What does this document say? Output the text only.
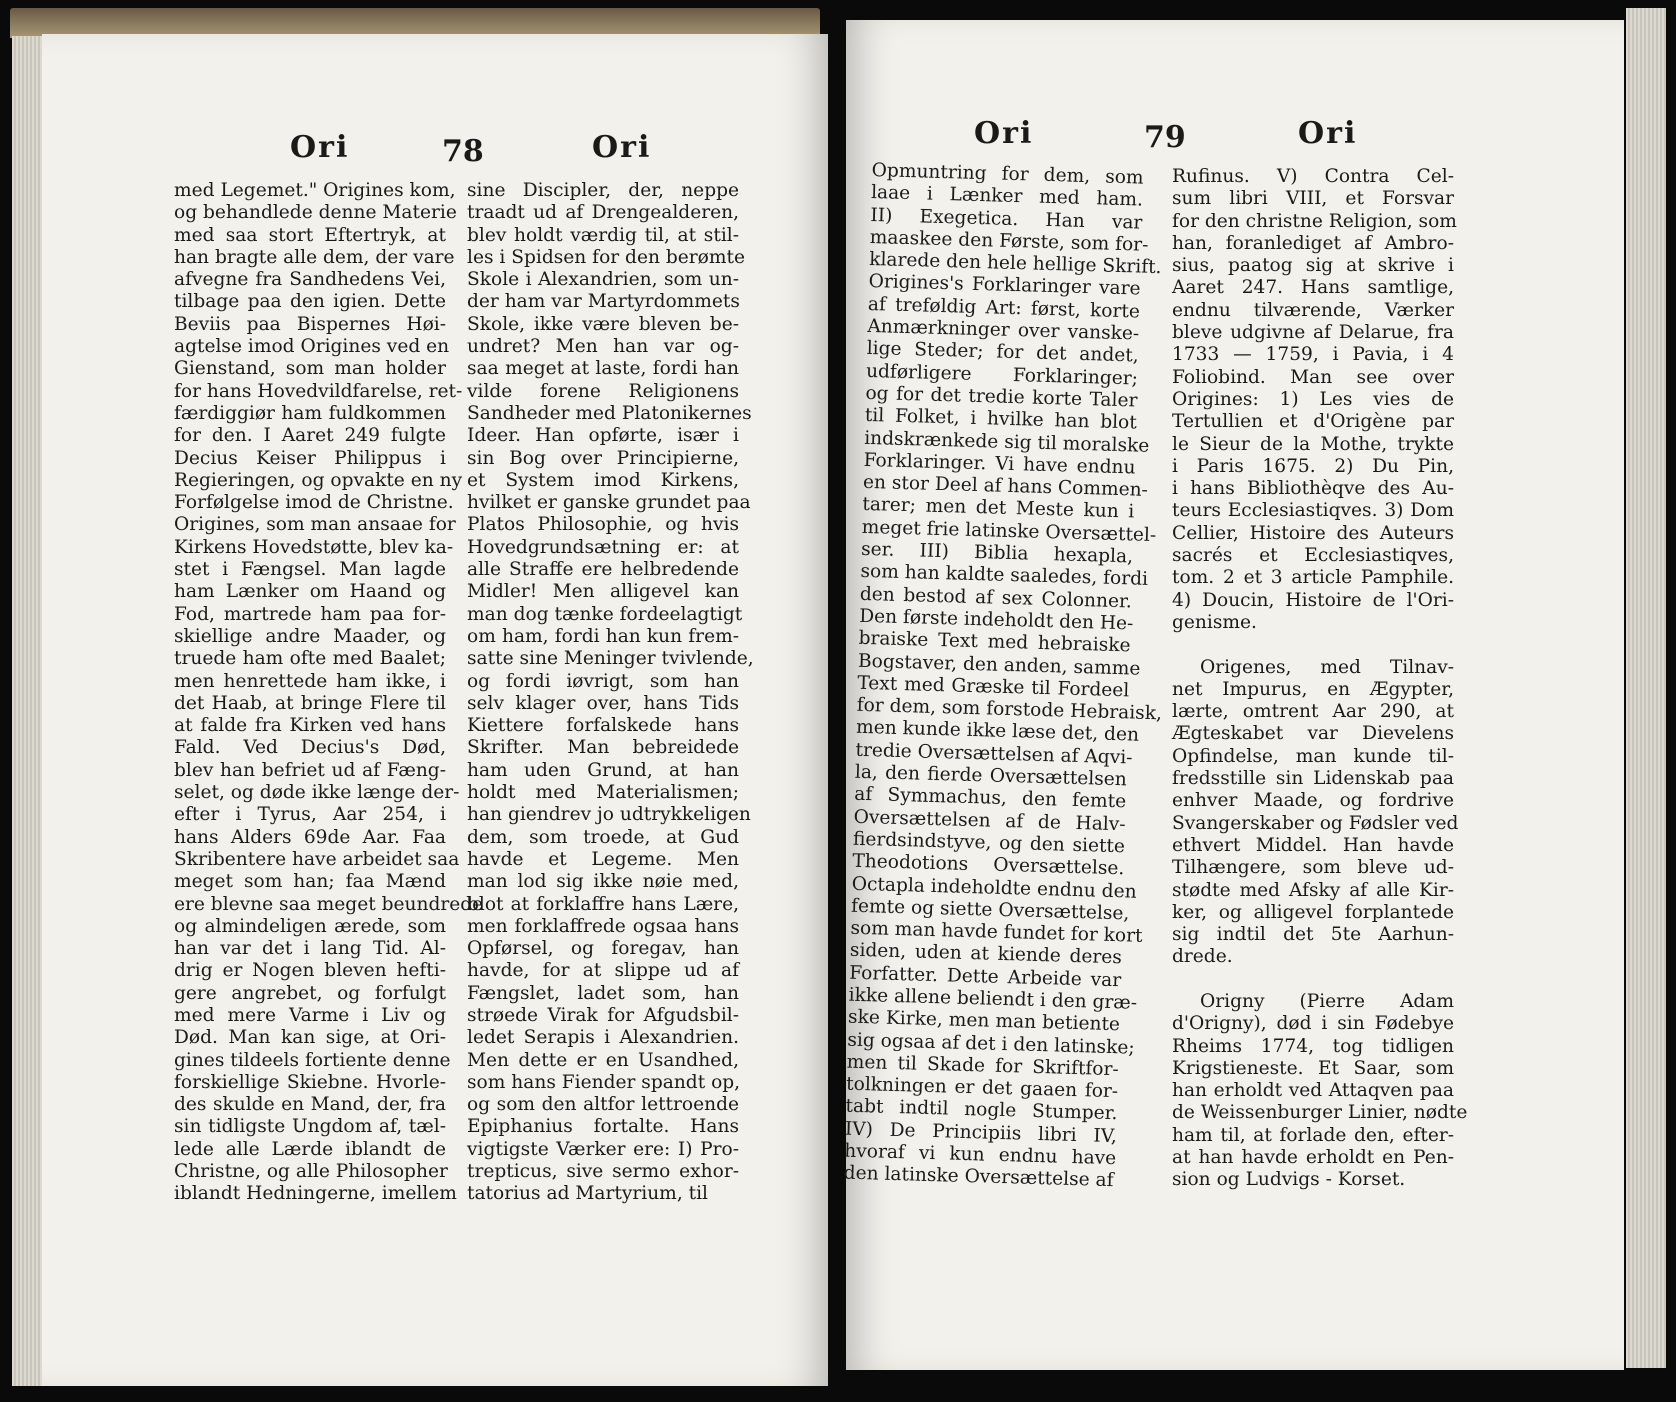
Ori	78	Ori
med Legemet." Origines kom,
og behandlede denne Materie
med saa stort Eftertryk, at
han bragte alle dem, der vare
afvegne fra Sandhedens Vei,
tilbage paa den igien. Dette
Beviis paa Bispernes Høi-
agtelse imod Origines ved en
Gienstand, som man holder
for hans Hovedvildfarelse, ret-
færdiggiør ham fuldkommen
for den. I Aaret 249 fulgte
Decius Keiser Philippus i
Regieringen, og opvakte en ny
Forfølgelse imod de Christne.
Origines, som man ansaae for
Kirkens Hovedstøtte, blev ka-
stet i Fængsel. Man lagde
ham Lænker om Haand og
Fod, martrede ham paa for-
skiellige andre Maader, og
truede ham ofte med Baalet;
men henrettede ham ikke, i
det Haab, at bringe Flere til
at falde fra Kirken ved hans
Fald. Ved Decius's Død,
blev han befriet ud af Fæng-
selet, og døde ikke længe der-
efter i Tyrus, Aar 254, i
hans Alders 69de Aar. Faa
Skribentere have arbeidet saa
meget som han; faa Mænd
ere blevne saa meget beundrede
og almindeligen ærede, som
han var det i lang Tid. Al-
drig er Nogen bleven hefti-
gere angrebet, og forfulgt
med mere Varme i Liv og
Død. Man kan sige, at Ori-
gines tildeels fortiente denne
forskiellige Skiebne. Hvorle-
des skulde en Mand, der, fra
sin tidligste Ungdom af, tæl-
lede alle Lærde iblandt de
Christne, og alle Philosopher
iblandt Hedningerne, imellem
sine Discipler, der, neppe
traadt ud af Drengealderen,
blev holdt værdig til, at stil-
les i Spidsen for den berømte
Skole i Alexandrien, som un-
der ham var Martyrdommets
Skole, ikke være bleven be-
undret? Men han var og-
saa meget at laste, fordi han
vilde forene Religionens
Sandheder med Platonikernes
Ideer. Han opførte, især i
sin Bog over Principierne,
et System imod Kirkens,
hvilket er ganske grundet paa
Platos Philosophie, og hvis
Hovedgrundsætning er: at
alle Straffe ere helbredende
Midler! Men alligevel kan
man dog tænke fordeelagtigt
om ham, fordi han kun frem-
satte sine Meninger tvivlende,
og fordi iøvrigt, som han
selv klager over, hans Tids
Kiettere forfalskede hans
Skrifter. Man bebreidede
ham uden Grund, at han
holdt med Materialismen;
han giendrev jo udtrykkeligen
dem, som troede, at Gud
havde et Legeme. Men
man lod sig ikke nøie med,
blot at forklaffre hans Lære,
men forklaffrede ogsaa hans
Opførsel, og foregav, han
havde, for at slippe ud af
Fængslet, ladet som, han
strøede Virak for Afgudsbil-
ledet Serapis i Alexandrien.
Men dette er en Usandhed,
som hans Fiender spandt op,
og som den altfor lettroende
Epiphanius fortalte. Hans
vigtigste Værker ere: I) Pro-
trepticus, sive sermo exhor-
tatorius ad Martyrium, til
Ori	79	Ori
Opmuntring for dem, som
laae i Lænker med ham.
II) Exegetica. Han var
maaskee den Første, som for-
klarede den hele hellige Skrift.
Origines's Forklaringer vare
af treføldig Art: først, korte
Anmærkninger over vanske-
lige Steder; for det andet,
udførligere Forklaringer;
og for det tredie korte Taler
til Folket, i hvilke han blot
indskrænkede sig til moralske
Forklaringer. Vi have endnu
en stor Deel af hans Commen-
tarer; men det Meste kun i
meget frie latinske Oversættel-
ser. III) Biblia hexapla,
som han kaldte saaledes, fordi
den bestod af sex Colonner.
Den første indeholdt den He-
braiske Text med hebraiske
Bogstaver, den anden, samme
Text med Græske til Fordeel
for dem, som forstode Hebraisk,
men kunde ikke læse det, den
tredie Oversættelsen af Aqvi-
la, den fierde Oversættelsen
af Symmachus, den femte
Oversættelsen af de Halv-
fierdsindstyve, og den siette
Theodotions Oversættelse.
Octapla indeholdte endnu den
femte og siette Oversættelse,
som man havde fundet for kort
siden, uden at kiende deres
Forfatter. Dette Arbeide var
ikke allene beliendt i den græ-
ske Kirke, men man betiente
sig ogsaa af det i den latinske;
men til Skade for Skriftfor-
tolkningen er det gaaen for-
tabt indtil nogle Stumper.
IV) De Principiis libri IV,
hvoraf vi kun endnu have
den latinske Oversættelse af
Rufinus. V) Contra Cel-
sum libri VIII, et Forsvar
for den christne Religion, som
han, foranlediget af Ambro-
sius, paatog sig at skrive i
Aaret 247. Hans samtlige,
endnu tilværende, Værker
bleve udgivne af Delarue, fra
1733 — 1759, i Pavia, i 4
Foliobind. Man see over
Origines: 1) Les vies de
Tertullien et d'Origène par
le Sieur de la Mothe, trykte
i Paris 1675. 2) Du Pin,
i hans Bibliothèqve des Au-
teurs Ecclesiastiqves. 3) Dom
Cellier, Histoire des Auteurs
sacrés et Ecclesiastiqves,
tom. 2 et 3 article Pamphile.
4) Doucin, Histoire de l'Ori-
genisme.

Origenes, med Tilnav-
net Impurus, en Ægypter,
lærte, omtrent Aar 290, at
Ægteskabet var Dievelens
Opfindelse, man kunde til-
fredsstille sin Lidenskab paa
enhver Maade, og fordrive
Svangerskaber og Fødsler ved
ethvert Middel. Han havde
Tilhængere, som bleve ud-
stødte med Afsky af alle Kir-
ker, og alligevel forplantede
sig indtil det 5te Aarhun-
drede.

Origny (Pierre Adam
d'Origny), død i sin Fødebye
Rheims 1774, tog tidligen
Krigstieneste. Et Saar, som
han erholdt ved Attaqven paa
de Weissenburger Linier, nødte
ham til, at forlade den, efter-
at han havde erholdt en Pen-
sion og Ludvigs - Korset.
